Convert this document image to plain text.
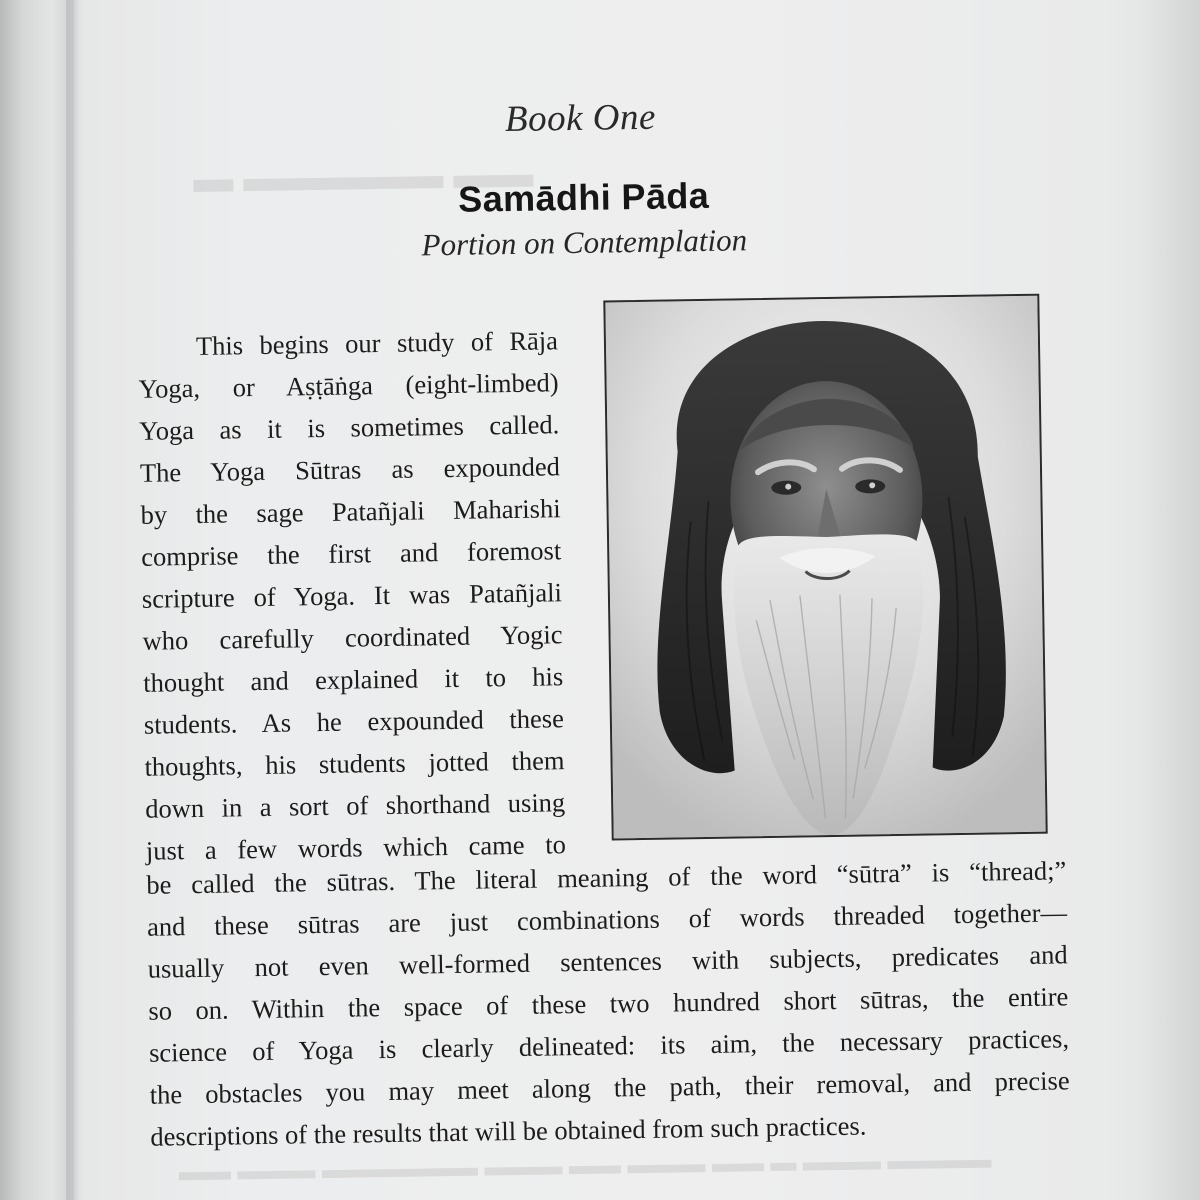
▬ ▬▬▬▬▬ ▬▬
▬▬ ▬▬▬ ▬▬▬▬▬▬ ▬▬▬ ▬▬ ▬▬▬ ▬▬ ▬ ▬▬▬ ▬▬▬▬
Book One
Samādhi Pāda
Portion on Contemplation
This begins our study of Rāja
Yoga, or Aṣṭāṅga (eight-limbed)
Yoga as it is sometimes called.
The Yoga Sūtras as expounded
by the sage Patañjali Maharishi
comprise the first and foremost
scripture of Yoga. It was Patañjali
who carefully coordinated Yogic
thought and explained it to his
students. As he expounded these
thoughts, his students jotted them
down in a sort of shorthand using
just a few words which came to
be called the sūtras. The literal meaning of the word “sūtra” is “thread;”
and these sūtras are just combinations of words threaded together—
usually not even well-formed sentences with subjects, predicates and
so on. Within the space of these two hundred short sūtras, the entire
science of Yoga is clearly delineated: its aim, the necessary practices,
the obstacles you may meet along the path, their removal, and precise
descriptions of the results that will be obtained from such practices.
